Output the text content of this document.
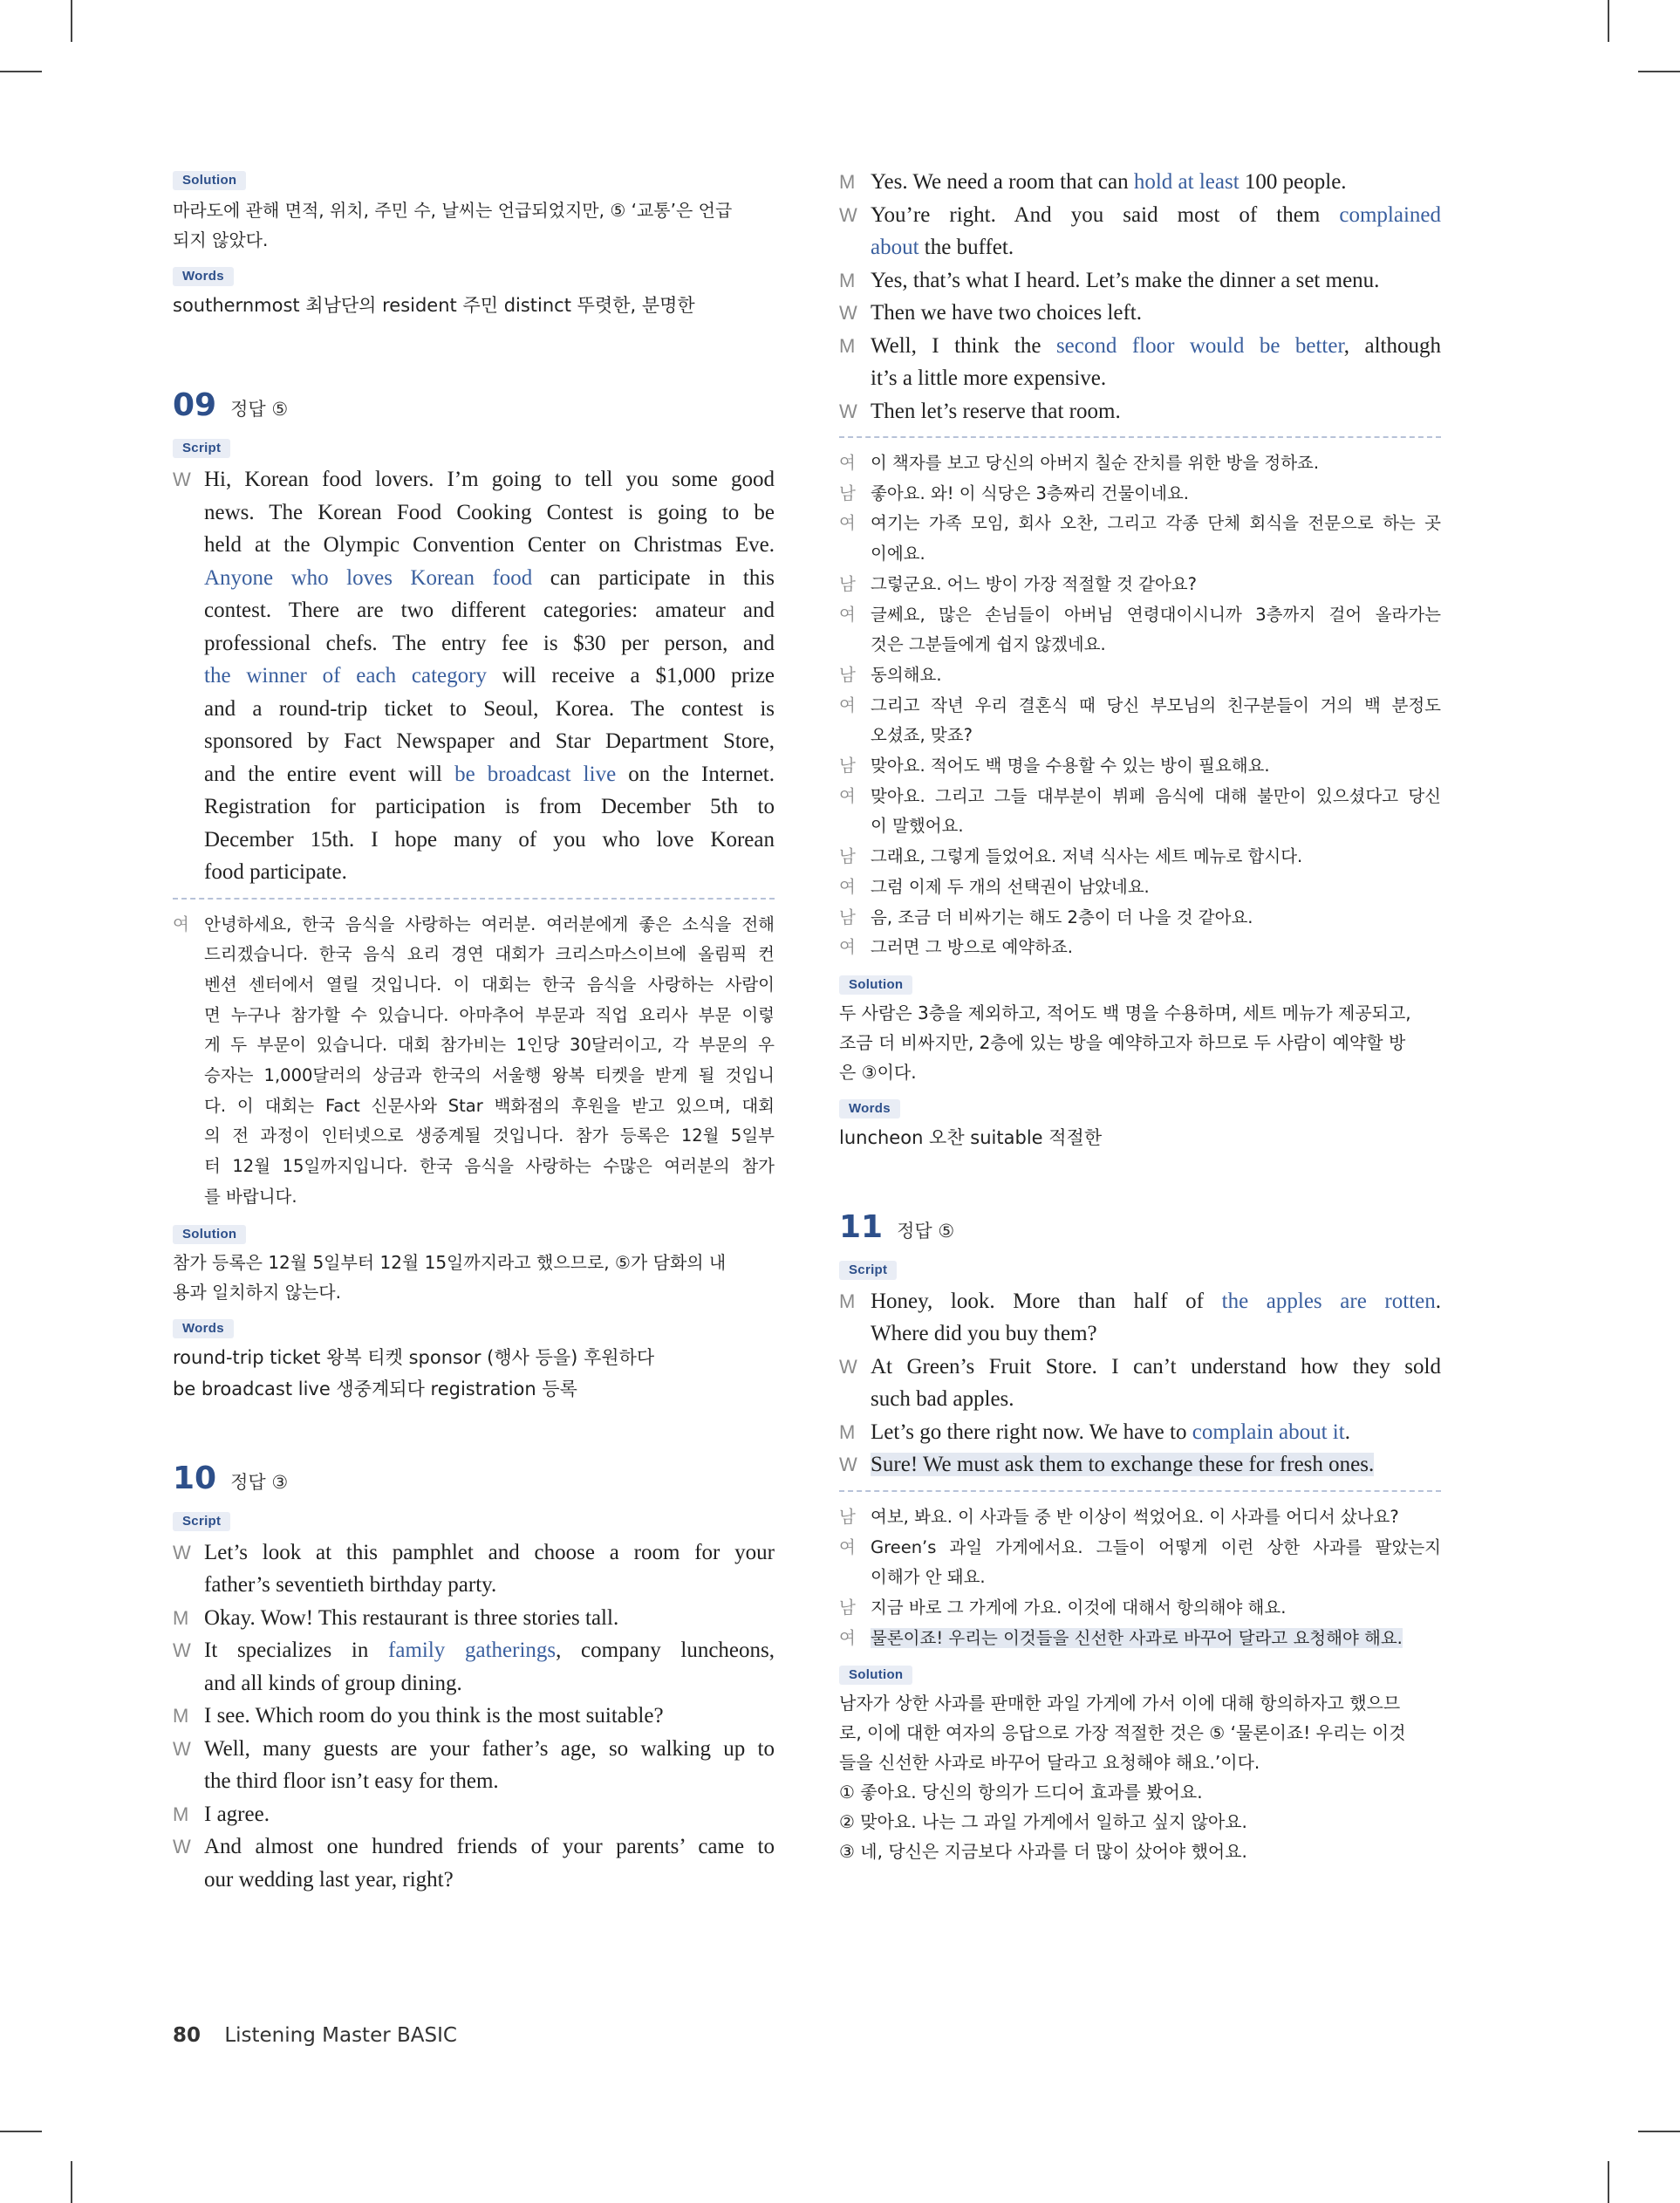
Solution
마라도에 관해 면적, 위치, 주민 수, 날씨는 언급되었지만, ⑤ ‘교통’은 언급
되지 않았다.
Words
southernmost 최남단의 resident 주민 distinct 뚜렷한, 분명한
09 정답 ⑤
Script
W Hi, Korean food lovers. I’m going to tell you some good
news. The Korean Food Cooking Contest is going to be
held at the Olympic Convention Center on Christmas Eve.
Anyone who loves Korean food can participate in this
contest. There are two different categories: amateur and
professional chefs. The entry fee is $30 per person, and
the winner of each category will receive a $1,000 prize
and a round-trip ticket to Seoul, Korea. The contest is
sponsored by Fact Newspaper and Star Department Store,
and the entire event will be broadcast live on the Internet.
Registration for participation is from December 5th to
December 15th. I hope many of you who love Korean
food participate.
여 안녕하세요, 한국 음식을 사랑하는 여러분. 여러분에게 좋은 소식을 전해
드리겠습니다. 한국 음식 요리 경연 대회가 크리스마스이브에 올림픽 컨
벤션 센터에서 열릴 것입니다. 이 대회는 한국 음식을 사랑하는 사람이
면 누구나 참가할 수 있습니다. 아마추어 부문과 직업 요리사 부문 이렇
게 두 부문이 있습니다. 대회 참가비는 1인당 30달러이고, 각 부문의 우
승자는 1,000달러의 상금과 한국의 서울행 왕복 티켓을 받게 될 것입니
다. 이 대회는 Fact 신문사와 Star 백화점의 후원을 받고 있으며, 대회
의 전 과정이 인터넷으로 생중계될 것입니다. 참가 등록은 12월 5일부
터 12월 15일까지입니다. 한국 음식을 사랑하는 수많은 여러분의 참가
를 바랍니다.
Solution
참가 등록은 12월 5일부터 12월 15일까지라고 했으므로, ⑤가 담화의 내
용과 일치하지 않는다.
Words
round-trip ticket 왕복 티켓 sponsor (행사 등을) 후원하다
be broadcast live 생중계되다 registration 등록
10 정답 ③
Script
W Let’s look at this pamphlet and choose a room for your
father’s seventieth birthday party.
M Okay. Wow! This restaurant is three stories tall.
W It specializes in family gatherings, company luncheons,
and all kinds of group dining.
M I see. Which room do you think is the most suitable?
W Well, many guests are your father’s age, so walking up to
the third floor isn’t easy for them.
M I agree.
W And almost one hundred friends of your parents’ came to
our wedding last year, right?
M Yes. We need a room that can hold at least 100 people.
W You’re right. And you said most of them complained
about the buffet.
M Yes, that’s what I heard. Let’s make the dinner a set menu.
W Then we have two choices left.
M Well, I think the second floor would be better, although
it’s a little more expensive.
W Then let’s reserve that room.
여 이 책자를 보고 당신의 아버지 칠순 잔치를 위한 방을 정하죠.
남 좋아요. 와! 이 식당은 3층짜리 건물이네요.
여 여기는 가족 모임, 회사 오찬, 그리고 각종 단체 회식을 전문으로 하는 곳
이에요.
남 그렇군요. 어느 방이 가장 적절할 것 같아요?
여 글쎄요, 많은 손님들이 아버님 연령대이시니까 3층까지 걸어 올라가는
것은 그분들에게 쉽지 않겠네요.
남 동의해요.
여 그리고 작년 우리 결혼식 때 당신 부모님의 친구분들이 거의 백 분정도
오셨죠, 맞죠?
남 맞아요. 적어도 백 명을 수용할 수 있는 방이 필요해요.
여 맞아요. 그리고 그들 대부분이 뷔페 음식에 대해 불만이 있으셨다고 당신
이 말했어요.
남 그래요, 그렇게 들었어요. 저녁 식사는 세트 메뉴로 합시다.
여 그럼 이제 두 개의 선택권이 남았네요.
남 음, 조금 더 비싸기는 해도 2층이 더 나을 것 같아요.
여 그러면 그 방으로 예약하죠.
Solution
두 사람은 3층을 제외하고, 적어도 백 명을 수용하며, 세트 메뉴가 제공되고,
조금 더 비싸지만, 2층에 있는 방을 예약하고자 하므로 두 사람이 예약할 방
은 ③이다.
Words
luncheon 오찬 suitable 적절한
11 정답 ⑤
Script
M Honey, look. More than half of the apples are rotten.
Where did you buy them?
W At Green’s Fruit Store. I can’t understand how they sold
such bad apples.
M Let’s go there right now. We have to complain about it.
W Sure! We must ask them to exchange these for fresh ones.
남 여보, 봐요. 이 사과들 중 반 이상이 썩었어요. 이 사과를 어디서 샀나요?
여 Green’s 과일 가게에서요. 그들이 어떻게 이런 상한 사과를 팔았는지
이해가 안 돼요.
남 지금 바로 그 가게에 가요. 이것에 대해서 항의해야 해요.
여 물론이죠! 우리는 이것들을 신선한 사과로 바꾸어 달라고 요청해야 해요.
Solution
남자가 상한 사과를 판매한 과일 가게에 가서 이에 대해 항의하자고 했으므
로, 이에 대한 여자의 응답으로 가장 적절한 것은 ⑤ ‘물론이죠! 우리는 이것
들을 신선한 사과로 바꾸어 달라고 요청해야 해요.’이다.
① 좋아요. 당신의 항의가 드디어 효과를 봤어요.
② 맞아요. 나는 그 과일 가게에서 일하고 싶지 않아요.
③ 네, 당신은 지금보다 사과를 더 많이 샀어야 했어요.
80 Listening Master BASIC
